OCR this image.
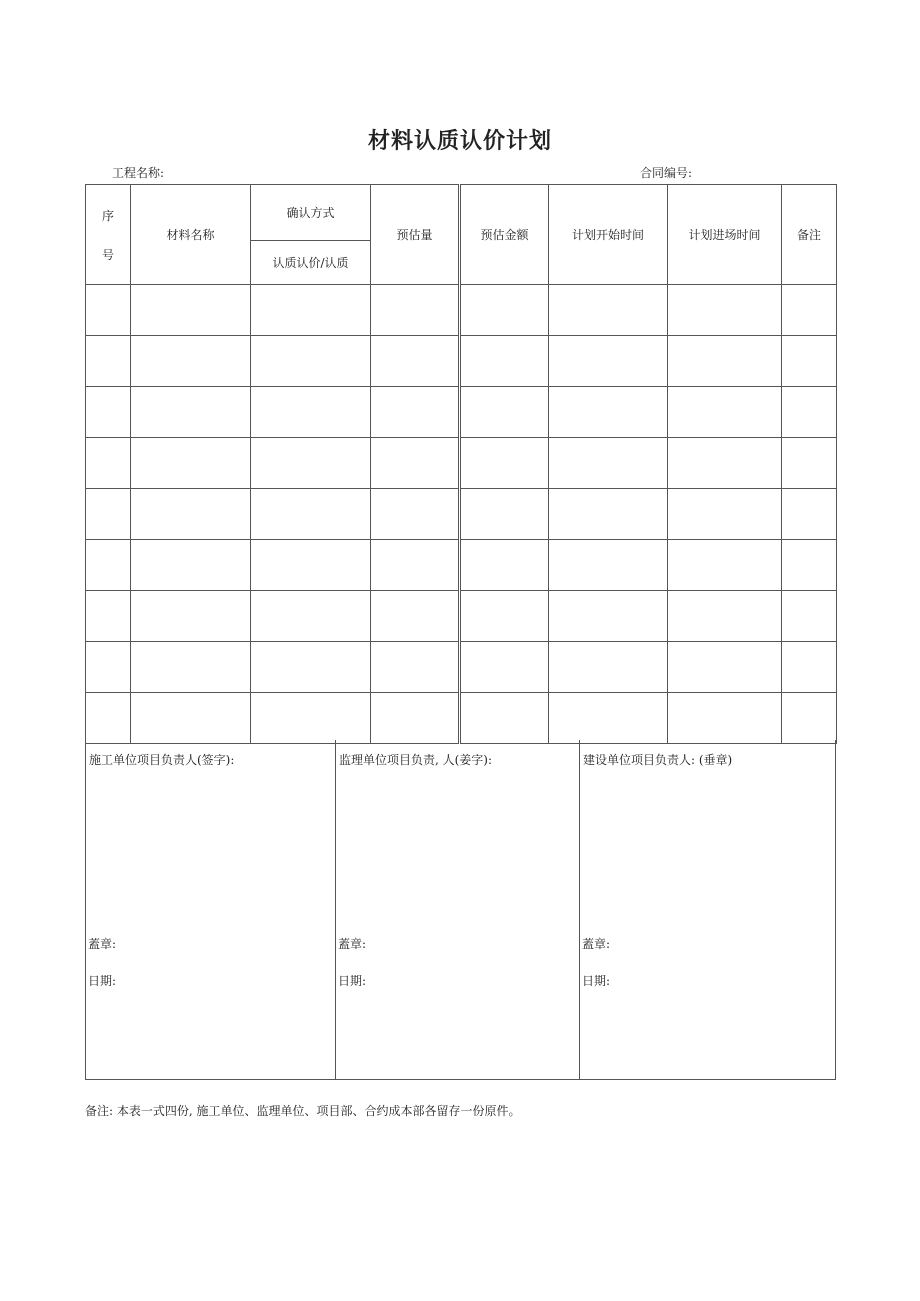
材料认质认价计划
工程名称:	合同编号:
序
号	材料名称	确认方式	预估量	预估金额	计划开始时间	计划进场时间	备注
		认质认价/认质					

施工单位项目负责人(签字):
蓋章:
日期:
监理单位项目负责, 人(姜字):
蓋章:
日期:
建设单位项目负责人: (垂章)
蓋章:
日期:
备注: 本表一式四份, 施工单位、监理单位、项目部、合约成本部各留存一份原件。
